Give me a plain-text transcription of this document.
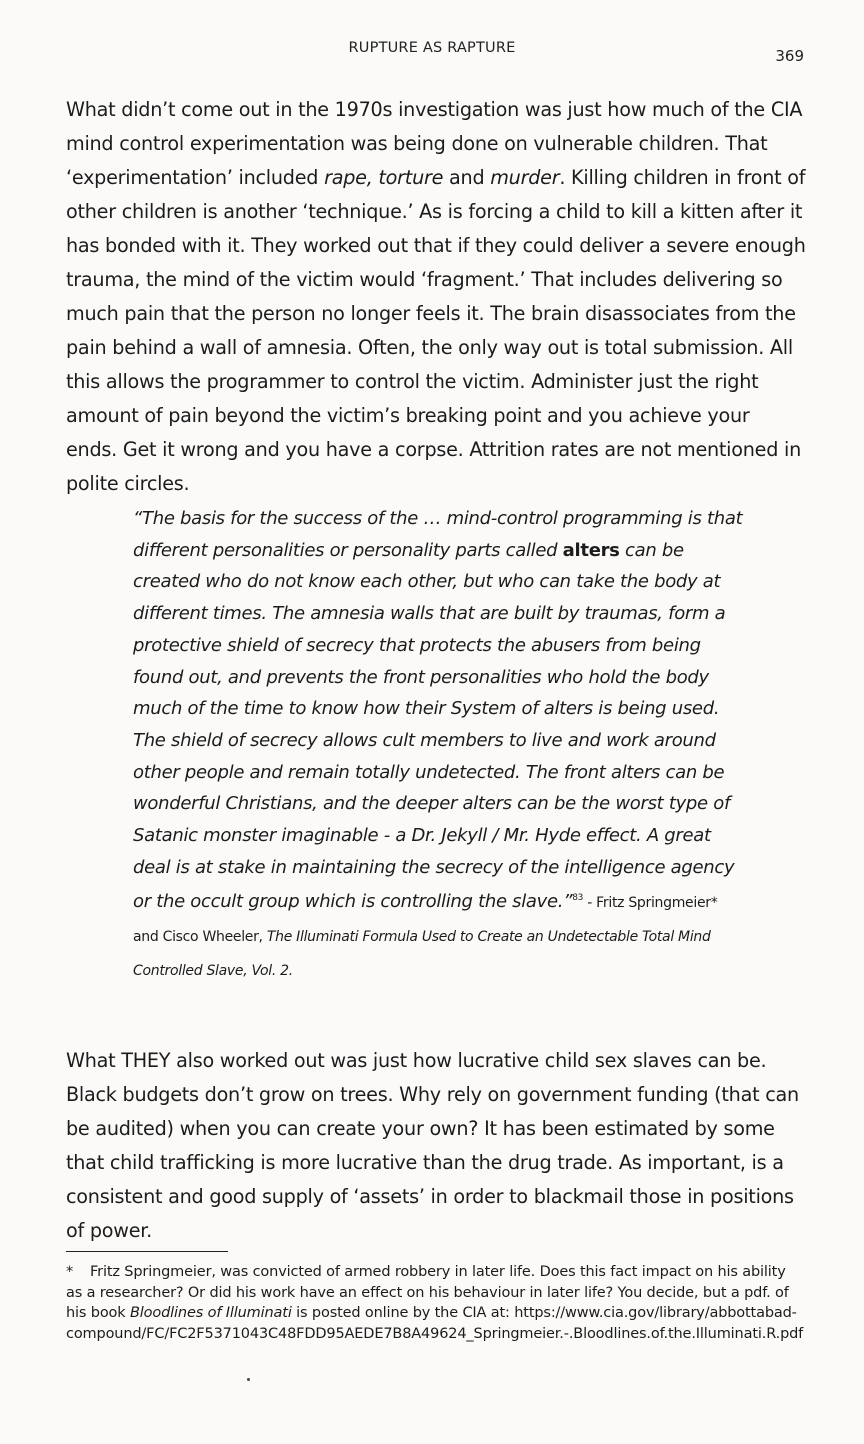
RUPTURE AS RAPTURE	369

What didn’t come out in the 1970s investigation was just how much of the CIA mind control experimentation was being done on vulnerable children. That ‘experimentation’ included rape, torture and murder. Killing children in front of other children is another ‘technique.’ As is forcing a child to kill a kitten after it has bonded with it. They worked out that if they could deliver a severe enough trauma, the mind of the victim would ‘fragment.’ That includes delivering so much pain that the person no longer feels it. The brain disassociates from the pain behind a wall of amnesia. Often, the only way out is total submission. All this allows the programmer to control the victim. Administer just the right amount of pain beyond the victim’s breaking point and you achieve your ends. Get it wrong and you have a corpse. Attrition rates are not mentioned in polite circles.

“The basis for the success of the … mind-control programming is that different personalities or personality parts called alters can be created who do not know each other, but who can take the body at different times. The amnesia walls that are built by traumas, form a protective shield of secrecy that protects the abusers from being found out, and prevents the front personalities who hold the body much of the time to know how their System of alters is being used. The shield of secrecy allows cult members to live and work around other people and remain totally undetected. The front alters can be wonderful Christians, and the deeper alters can be the worst type of Satanic monster imaginable - a Dr. Jekyll / Mr. Hyde effect. A great deal is at stake in maintaining the secrecy of the intelligence agency or the occult group which is controlling the slave.”$^{83}$ - Fritz Springmeier* and Cisco Wheeler, The Illuminati Formula Used to Create an Undetectable Total Mind Controlled Slave, Vol. 2.

What THEY also worked out was just how lucrative child sex slaves can be. Black budgets don’t grow on trees. Why rely on government funding (that can be audited) when you can create your own? It has been estimated by some that child trafficking is more lucrative than the drug trade. As important, is a consistent and good supply of ‘assets’ in order to blackmail those in positions of power.

* Fritz Springmeier, was convicted of armed robbery in later life. Does this fact impact on his ability as a researcher? Or did his work have an effect on his behaviour in later life? You decide, but a pdf. of his book Bloodlines of Illuminati is posted online by the CIA at: https://www.cia.gov/library/abbottabad-compound/FC/FC2F5371043C48FDD95AEDE7B8A49624_Springmeier.-.Bloodlines.of.the.Illuminati.R.pdf
